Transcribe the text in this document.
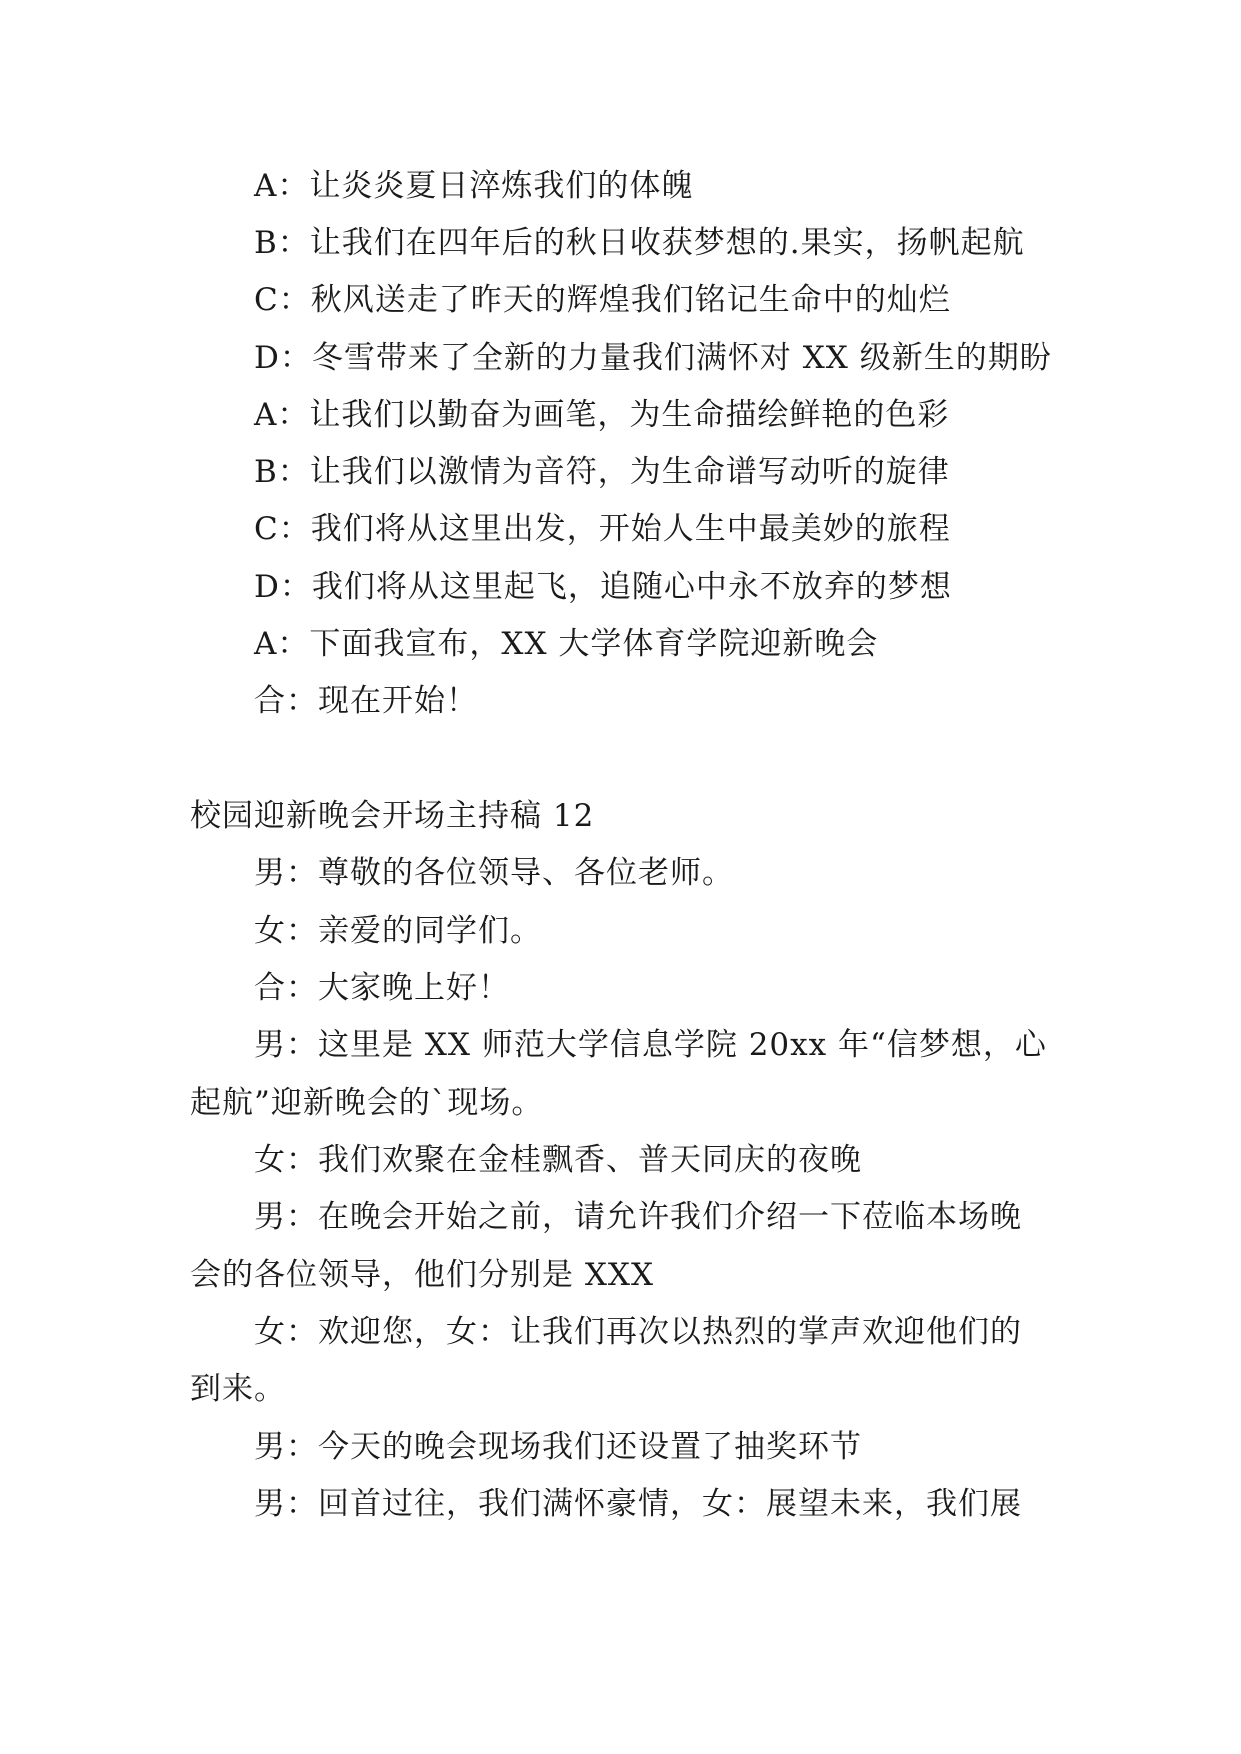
A：让炎炎夏日淬炼我们的体魄
B：让我们在四年后的秋日收获梦想的.果实，扬帆起航
C：秋风送走了昨天的辉煌我们铭记生命中的灿烂
D：冬雪带来了全新的力量我们满怀对 XX 级新生的期盼
A：让我们以勤奋为画笔，为生命描绘鲜艳的色彩
B：让我们以激情为音符，为生命谱写动听的旋律
C：我们将从这里出发，开始人生中最美妙的旅程
D：我们将从这里起飞，追随心中永不放弃的梦想
A：下面我宣布，XX 大学体育学院迎新晚会
合：现在开始！
校园迎新晚会开场主持稿 12
男：尊敬的各位领导、各位老师。
女：亲爱的同学们。
合：大家晚上好！
男：这里是 XX 师范大学信息学院 20xx 年“信梦想，心
起航”迎新晚会的`现场。
女：我们欢聚在金桂飘香、普天同庆的夜晚
男：在晚会开始之前，请允许我们介绍一下莅临本场晚
会的各位领导，他们分别是 XXX
女：欢迎您，女：让我们再次以热烈的掌声欢迎他们的
到来。
男：今天的晚会现场我们还设置了抽奖环节
男：回首过往，我们满怀豪情，女：展望未来，我们展
